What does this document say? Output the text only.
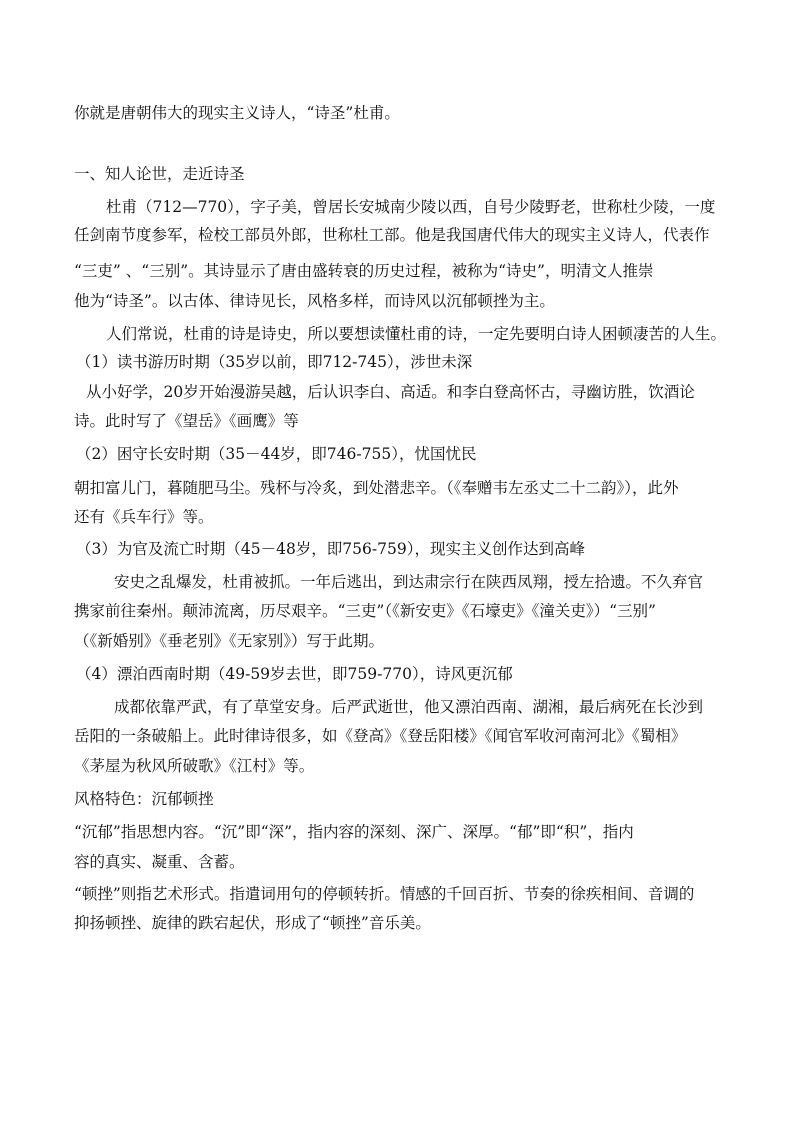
你就是唐朝伟大的现实主义诗人，“诗圣”杜甫。
一、知人论世，走近诗圣
杜甫（712—770），字子美，曾居长安城南少陵以西，自号少陵野老，世称杜少陵，一度
任剑南节度参军，检校工部员外郎，世称杜工部。他是我国唐代伟大的现实主义诗人，代表作
“三吏” 、“三别”。其诗显示了唐由盛转衰的历史过程，被称为“诗史”，明清文人推崇
他为“诗圣”。以古体、律诗见长，风格多样，而诗风以沉郁顿挫为主。
人们常说，杜甫的诗是诗史，所以要想读懂杜甫的诗，一定先要明白诗人困顿凄苦的人生。
（1）读书游历时期（35岁以前，即712-745），涉世未深
从小好学，20岁开始漫游吴越，后认识李白、高适。和李白登高怀古，寻幽访胜，饮酒论
诗。此时写了《望岳》《画鹰》等
（2）困守长安时期（35－44岁，即746-755），忧国忧民
朝扣富儿门，暮随肥马尘。残杯与冷炙，到处潜悲辛。（《奉赠韦左丞丈二十二韵》），此外
还有《兵车行》等。
（3）为官及流亡时期（45－48岁，即756-759），现实主义创作达到高峰
安史之乱爆发，杜甫被抓。一年后逃出，到达肃宗行在陕西凤翔，授左拾遗。不久弃官
携家前往秦州。颠沛流离，历尽艰辛。“三吏”（《新安吏》《石壕吏》《潼关吏》）“三别”
（《新婚别》《垂老别》《无家别》）写于此期。
（4）漂泊西南时期（49-59岁去世，即759-770），诗风更沉郁
成都依靠严武，有了草堂安身。后严武逝世，他又漂泊西南、湖湘，最后病死在长沙到
岳阳的一条破船上。此时律诗很多，如《登高》《登岳阳楼》《闻官军收河南河北》《蜀相》
《茅屋为秋风所破歌》《江村》等。
风格特色：沉郁顿挫
“沉郁”指思想内容。“沉”即“深”，指内容的深刻、深广、深厚。“郁”即“积”，指内
容的真实、凝重、含蓄。
“顿挫”则指艺术形式。指遣词用句的停顿转折。情感的千回百折、节奏的徐疾相间、音调的
抑扬顿挫、旋律的跌宕起伏，形成了“顿挫”音乐美。
